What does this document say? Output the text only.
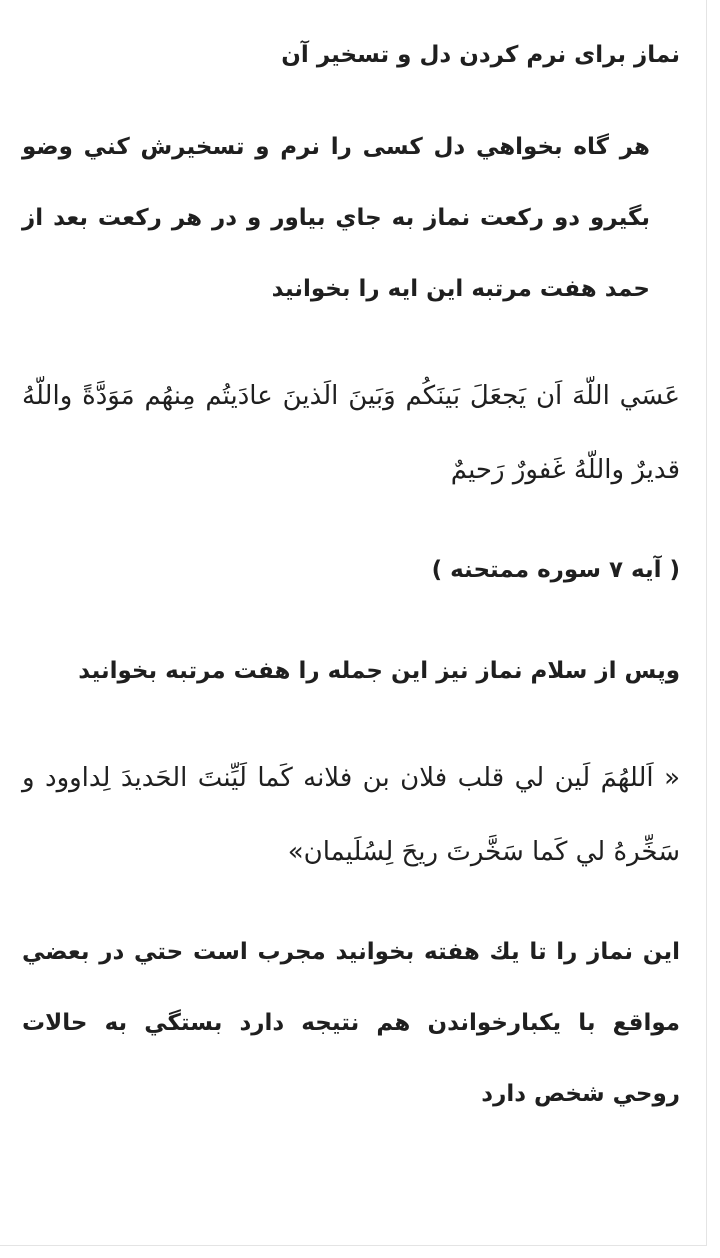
نماز برای نرم کردن دل و تسخیر آن
هر گاه بخواهي دل کسی را نرم و تسخيرش كني وضو بگيرو دو ركعت نماز به جاي بياور و در هر ركعت بعد از حمد هفت مرتبه اين ايه را بخوانيد
عَسَي اللّهَ اَن يَجعَلَ بَينَكُم وَبَينَ الَذينَ عادَيتُم مِنهُم مَوَدَّةً واللّهُ قديرٌ واللّهُ غَفورٌ رَحيمٌ
( آيه ۷ سوره ممتحنه )
وپس از سلام نماز نيز اين جمله را هفت مرتبه بخوانيد
« اَللهُمَ لَين لي قلب فلان بن فلانه كَما لَيِّنتَ الحَديدَ لِداوود و سَخِّرهُ لي كَما سَخَّرتَ ريحَ لِسُلَيمان»
اين نماز را تا يك هفته بخوانيد مجرب است حتي در بعضي مواقع با يكبارخواندن هم نتيجه دارد بستگي به حالات روحي شخص دارد
